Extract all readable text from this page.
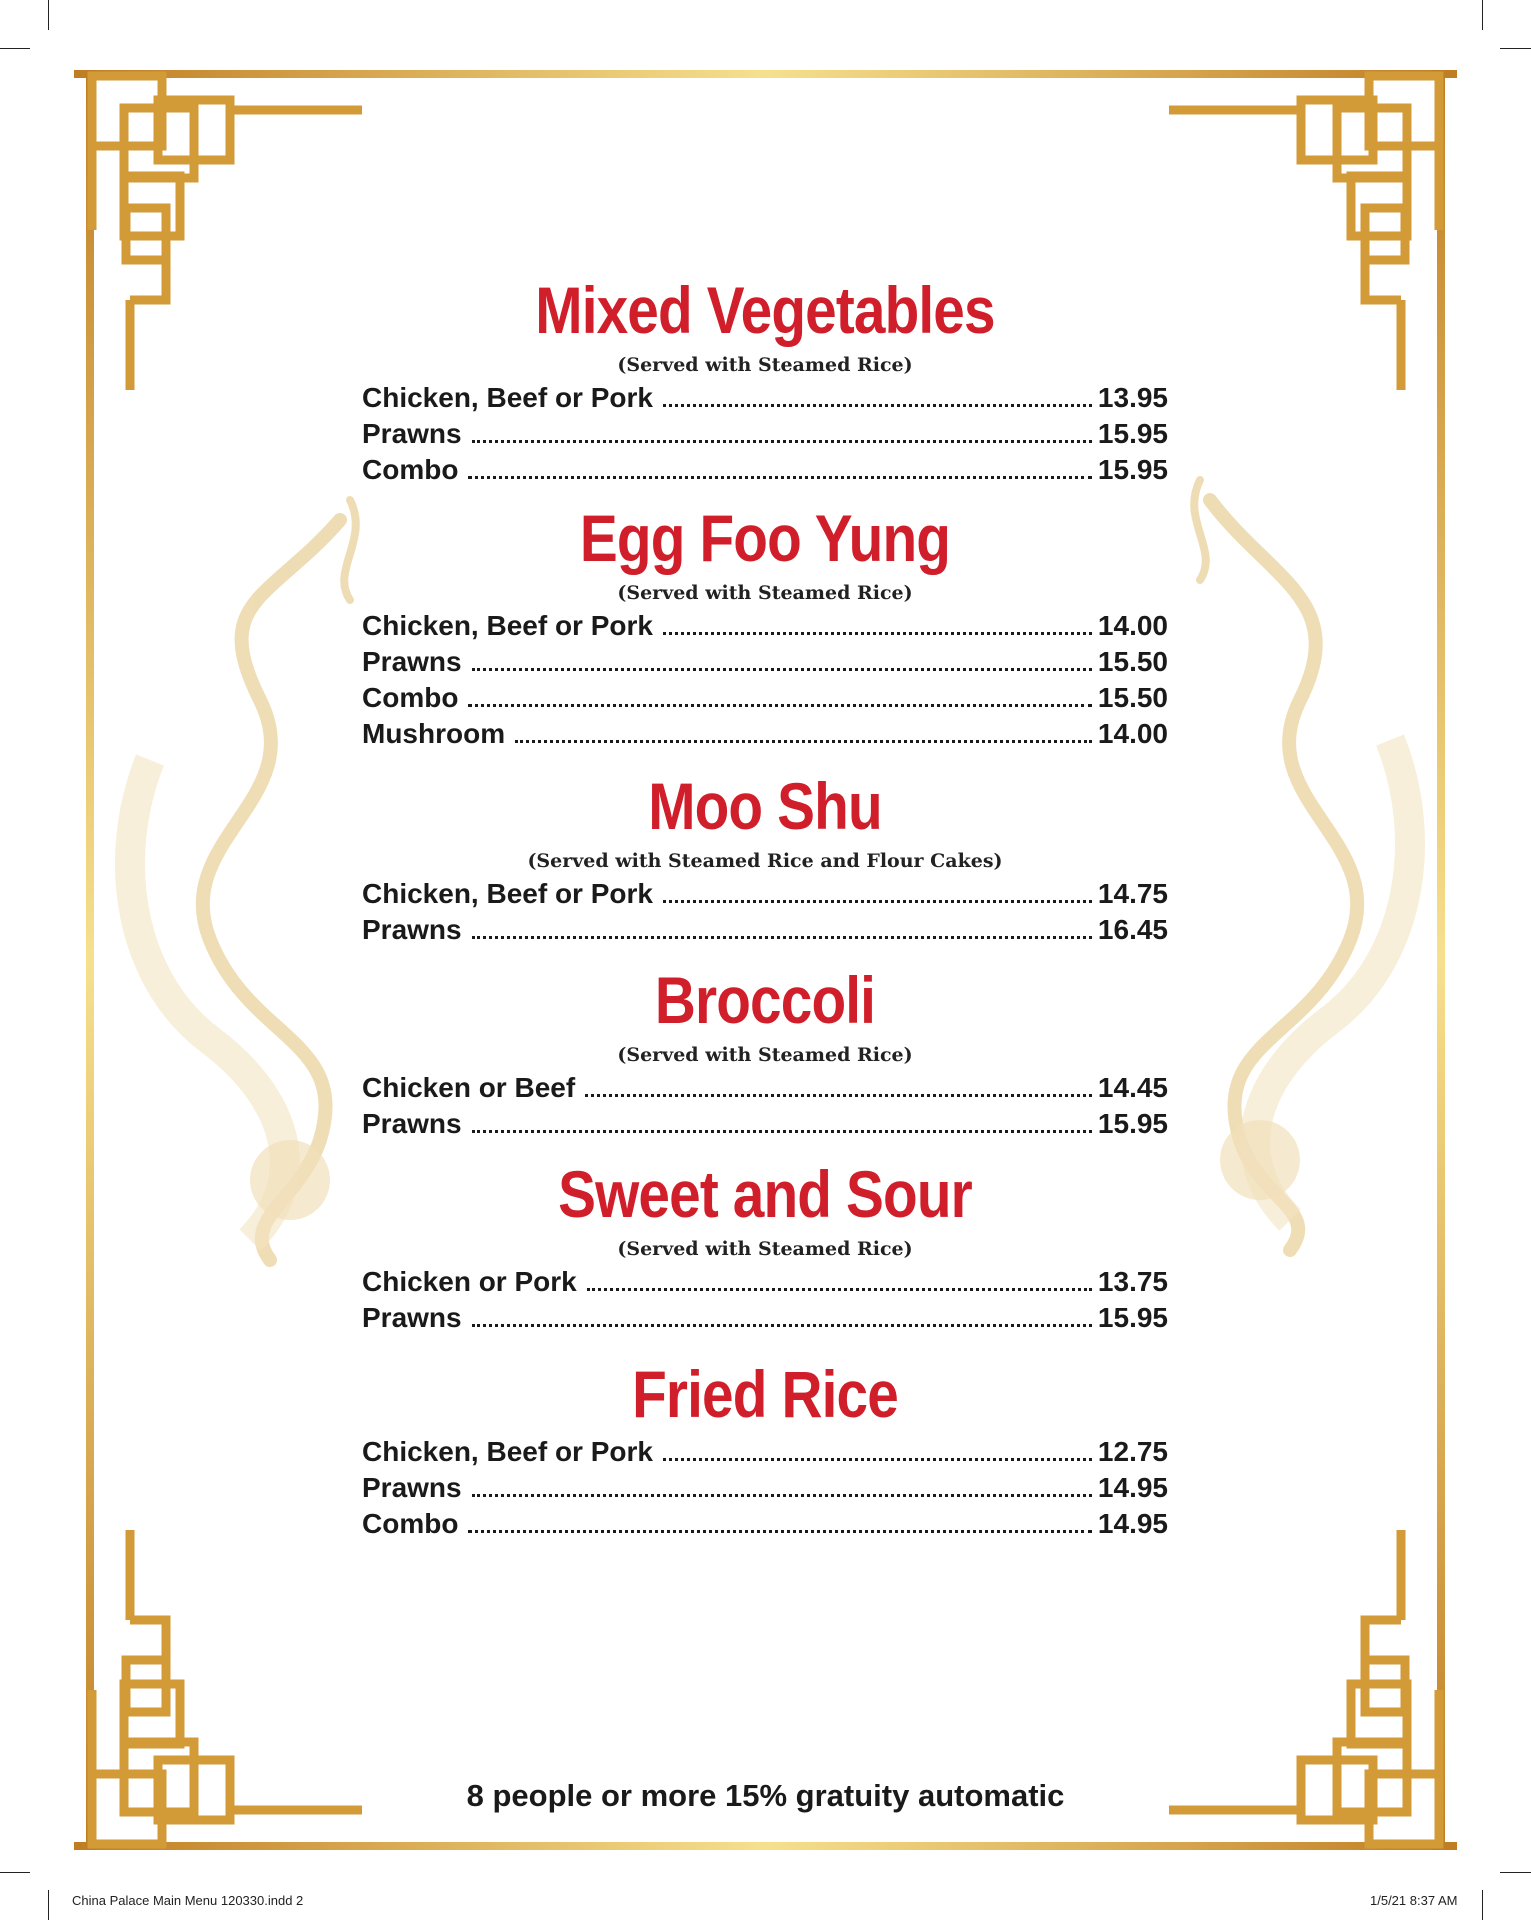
Mixed Vegetables
(Served with Steamed Rice)
Chicken, Beef or Pork	13.95
Prawns	15.95
Combo	15.95
Egg Foo Yung
(Served with Steamed Rice)
Chicken, Beef or Pork	14.00
Prawns	15.50
Combo	15.50
Mushroom	14.00
Moo Shu
(Served with Steamed Rice and Flour Cakes)
Chicken, Beef or Pork	14.75
Prawns	16.45
Broccoli
(Served with Steamed Rice)
Chicken or Beef	14.45
Prawns	15.95
Sweet and Sour
(Served with Steamed Rice)
Chicken or Pork	13.75
Prawns	15.95
Fried Rice
Chicken, Beef or Pork	12.75
Prawns	14.95
Combo	14.95
8 people or more 15% gratuity automatic
China Palace Main Menu 120330.indd 2	1/5/21 8:37 AM
